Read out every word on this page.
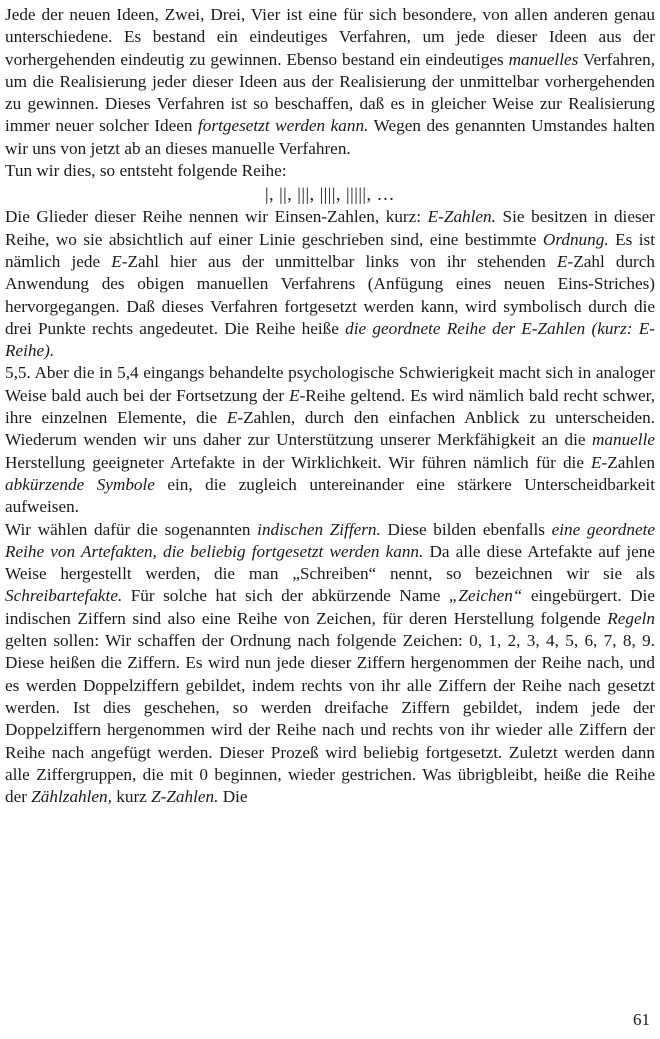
Jede der neuen Ideen, Zwei, Drei, Vier ist eine für sich besondere, von allen anderen genau unterschiedene. Es bestand ein eindeutiges Verfahren, um jede dieser Ideen aus der vorhergehenden eindeutig zu gewinnen. Ebenso bestand ein eindeutiges manuelles Verfahren, um die Realisierung jeder dieser Ideen aus der Realisierung der unmittelbar vorhergehenden zu gewinnen. Dieses Verfahren ist so beschaffen, daß es in gleicher Weise zur Realisierung immer neuer solcher Ideen fortgesetzt werden kann. Wegen des genannten Umstandes halten wir uns von jetzt ab an dieses manuelle Verfahren.

Tun wir dies, so entsteht folgende Reihe:

|, ||, |||, ||||, |||||, …

Die Glieder dieser Reihe nennen wir Einsen-Zahlen, kurz: E-Zahlen. Sie besitzen in dieser Reihe, wo sie absichtlich auf einer Linie geschrieben sind, eine bestimmte Ordnung. Es ist nämlich jede E-Zahl hier aus der unmittelbar links von ihr stehenden E-Zahl durch Anwendung des obigen manuellen Verfahrens (Anfügung eines neuen Eins-Striches) hervorgegangen. Daß dieses Verfahren fortgesetzt werden kann, wird symbolisch durch die drei Punkte rechts angedeutet. Die Reihe heiße die geordnete Reihe der E-Zahlen (kurz: E-Reihe).

5,5. Aber die in 5,4 eingangs behandelte psychologische Schwierigkeit macht sich in analoger Weise bald auch bei der Fortsetzung der E-Reihe geltend. Es wird nämlich bald recht schwer, ihre einzelnen Elemente, die E-Zahlen, durch den einfachen Anblick zu unterscheiden. Wiederum wenden wir uns daher zur Unterstützung unserer Merkfähigkeit an die manuelle Herstellung geeigneter Artefakte in der Wirklichkeit. Wir führen nämlich für die E-Zahlen abkürzende Symbole ein, die zugleich untereinander eine stärkere Unterscheidbarkeit aufweisen.

Wir wählen dafür die sogenannten indischen Ziffern. Diese bilden ebenfalls eine geordnete Reihe von Artefakten, die beliebig fortgesetzt werden kann. Da alle diese Artefakte auf jene Weise hergestellt werden, die man „Schreiben“ nennt, so bezeichnen wir sie als Schreibartefakte. Für solche hat sich der abkürzende Name „Zeichen“ eingebürgert. Die indischen Ziffern sind also eine Reihe von Zeichen, für deren Herstellung folgende Regeln gelten sollen: Wir schaffen der Ordnung nach folgende Zeichen: 0, 1, 2, 3, 4, 5, 6, 7, 8, 9. Diese heißen die Ziffern. Es wird nun jede dieser Ziffern hergenommen der Reihe nach, und es werden Doppelziffern gebildet, indem rechts von ihr alle Ziffern der Reihe nach gesetzt werden. Ist dies geschehen, so werden dreifache Ziffern gebildet, indem jede der Doppelziffern hergenommen wird der Reihe nach und rechts von ihr wieder alle Ziffern der Reihe nach angefügt werden. Dieser Prozeß wird beliebig fortgesetzt. Zuletzt werden dann alle Ziffergruppen, die mit 0 beginnen, wieder gestrichen. Was übrigbleibt, heiße die Reihe der Zählzahlen, kurz Z-Zahlen. Die

61
